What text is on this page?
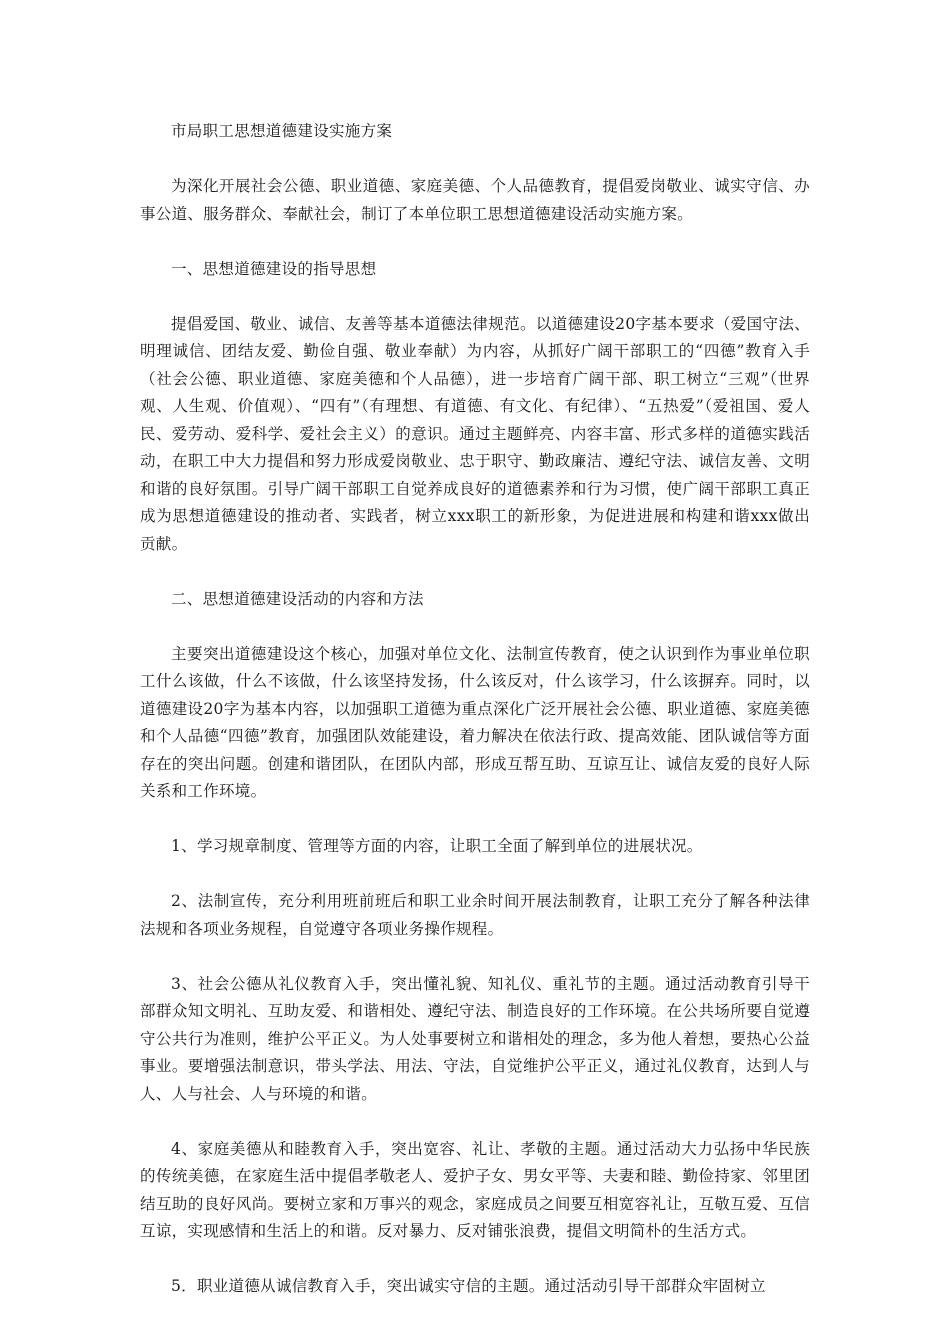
市局职工思想道德建设实施方案

为深化开展社会公德、职业道德、家庭美德、个人品德教育，提倡爱岗敬业、诚实守信、办事公道、服务群众、奉献社会，制订了本单位职工思想道德建设活动实施方案。

一、思想道德建设的指导思想

提倡爱国、敬业、诚信、友善等基本道德法律规范。以道德建设20字基本要求（爱国守法、明理诚信、团结友爱、勤俭自强、敬业奉献）为内容，从抓好广阔干部职工的“四德”教育入手（社会公德、职业道德、家庭美德和个人品德），进一步培育广阔干部、职工树立“三观”（世界观、人生观、价值观）、“四有”（有理想、有道德、有文化、有纪律）、“五热爱”（爱祖国、爱人民、爱劳动、爱科学、爱社会主义）的意识。通过主题鲜亮、内容丰富、形式多样的道德实践活动，在职工中大力提倡和努力形成爱岗敬业、忠于职守、勤政廉洁、遵纪守法、诚信友善、文明和谐的良好氛围。引导广阔干部职工自觉养成良好的道德素养和行为习惯，使广阔干部职工真正成为思想道德建设的推动者、实践者，树立xxx职工的新形象，为促进进展和构建和谐xxx做出贡献。

二、思想道德建设活动的内容和方法

主要突出道德建设这个核心，加强对单位文化、法制宣传教育，使之认识到作为事业单位职工什么该做，什么不该做，什么该坚持发扬，什么该反对，什么该学习，什么该摒弃。同时，以道德建设20字为基本内容，以加强职工道德为重点深化广泛开展社会公德、职业道德、家庭美德和个人品德“四德”教育，加强团队效能建设，着力解决在依法行政、提高效能、团队诚信等方面存在的突出问题。创建和谐团队，在团队内部，形成互帮互助、互谅互让、诚信友爱的良好人际关系和工作环境。

1、学习规章制度、管理等方面的内容，让职工全面了解到单位的进展状况。

2、法制宣传，充分利用班前班后和职工业余时间开展法制教育，让职工充分了解各种法律法规和各项业务规程，自觉遵守各项业务操作规程。

3、社会公德从礼仪教育入手，突出懂礼貌、知礼仪、重礼节的主题。通过活动教育引导干部群众知文明礼、互助友爱、和谐相处、遵纪守法、制造良好的工作环境。在公共场所要自觉遵守公共行为准则，维护公平正义。为人处事要树立和谐相处的理念，多为他人着想，要热心公益事业。要增强法制意识，带头学法、用法、守法，自觉维护公平正义，通过礼仪教育，达到人与人、人与社会、人与环境的和谐。

4、家庭美德从和睦教育入手，突出宽容、礼让、孝敬的主题。通过活动大力弘扬中华民族的传统美德，在家庭生活中提倡孝敬老人、爱护子女、男女平等、夫妻和睦、勤俭持家、邻里团结互助的良好风尚。要树立家和万事兴的观念，家庭成员之间要互相宽容礼让，互敬互爱、互信互谅，实现感情和生活上的和谐。反对暴力、反对铺张浪费，提倡文明简朴的生活方式。

5．职业道德从诚信教育入手，突出诚实守信的主题。通过活动引导干部群众牢固树立
